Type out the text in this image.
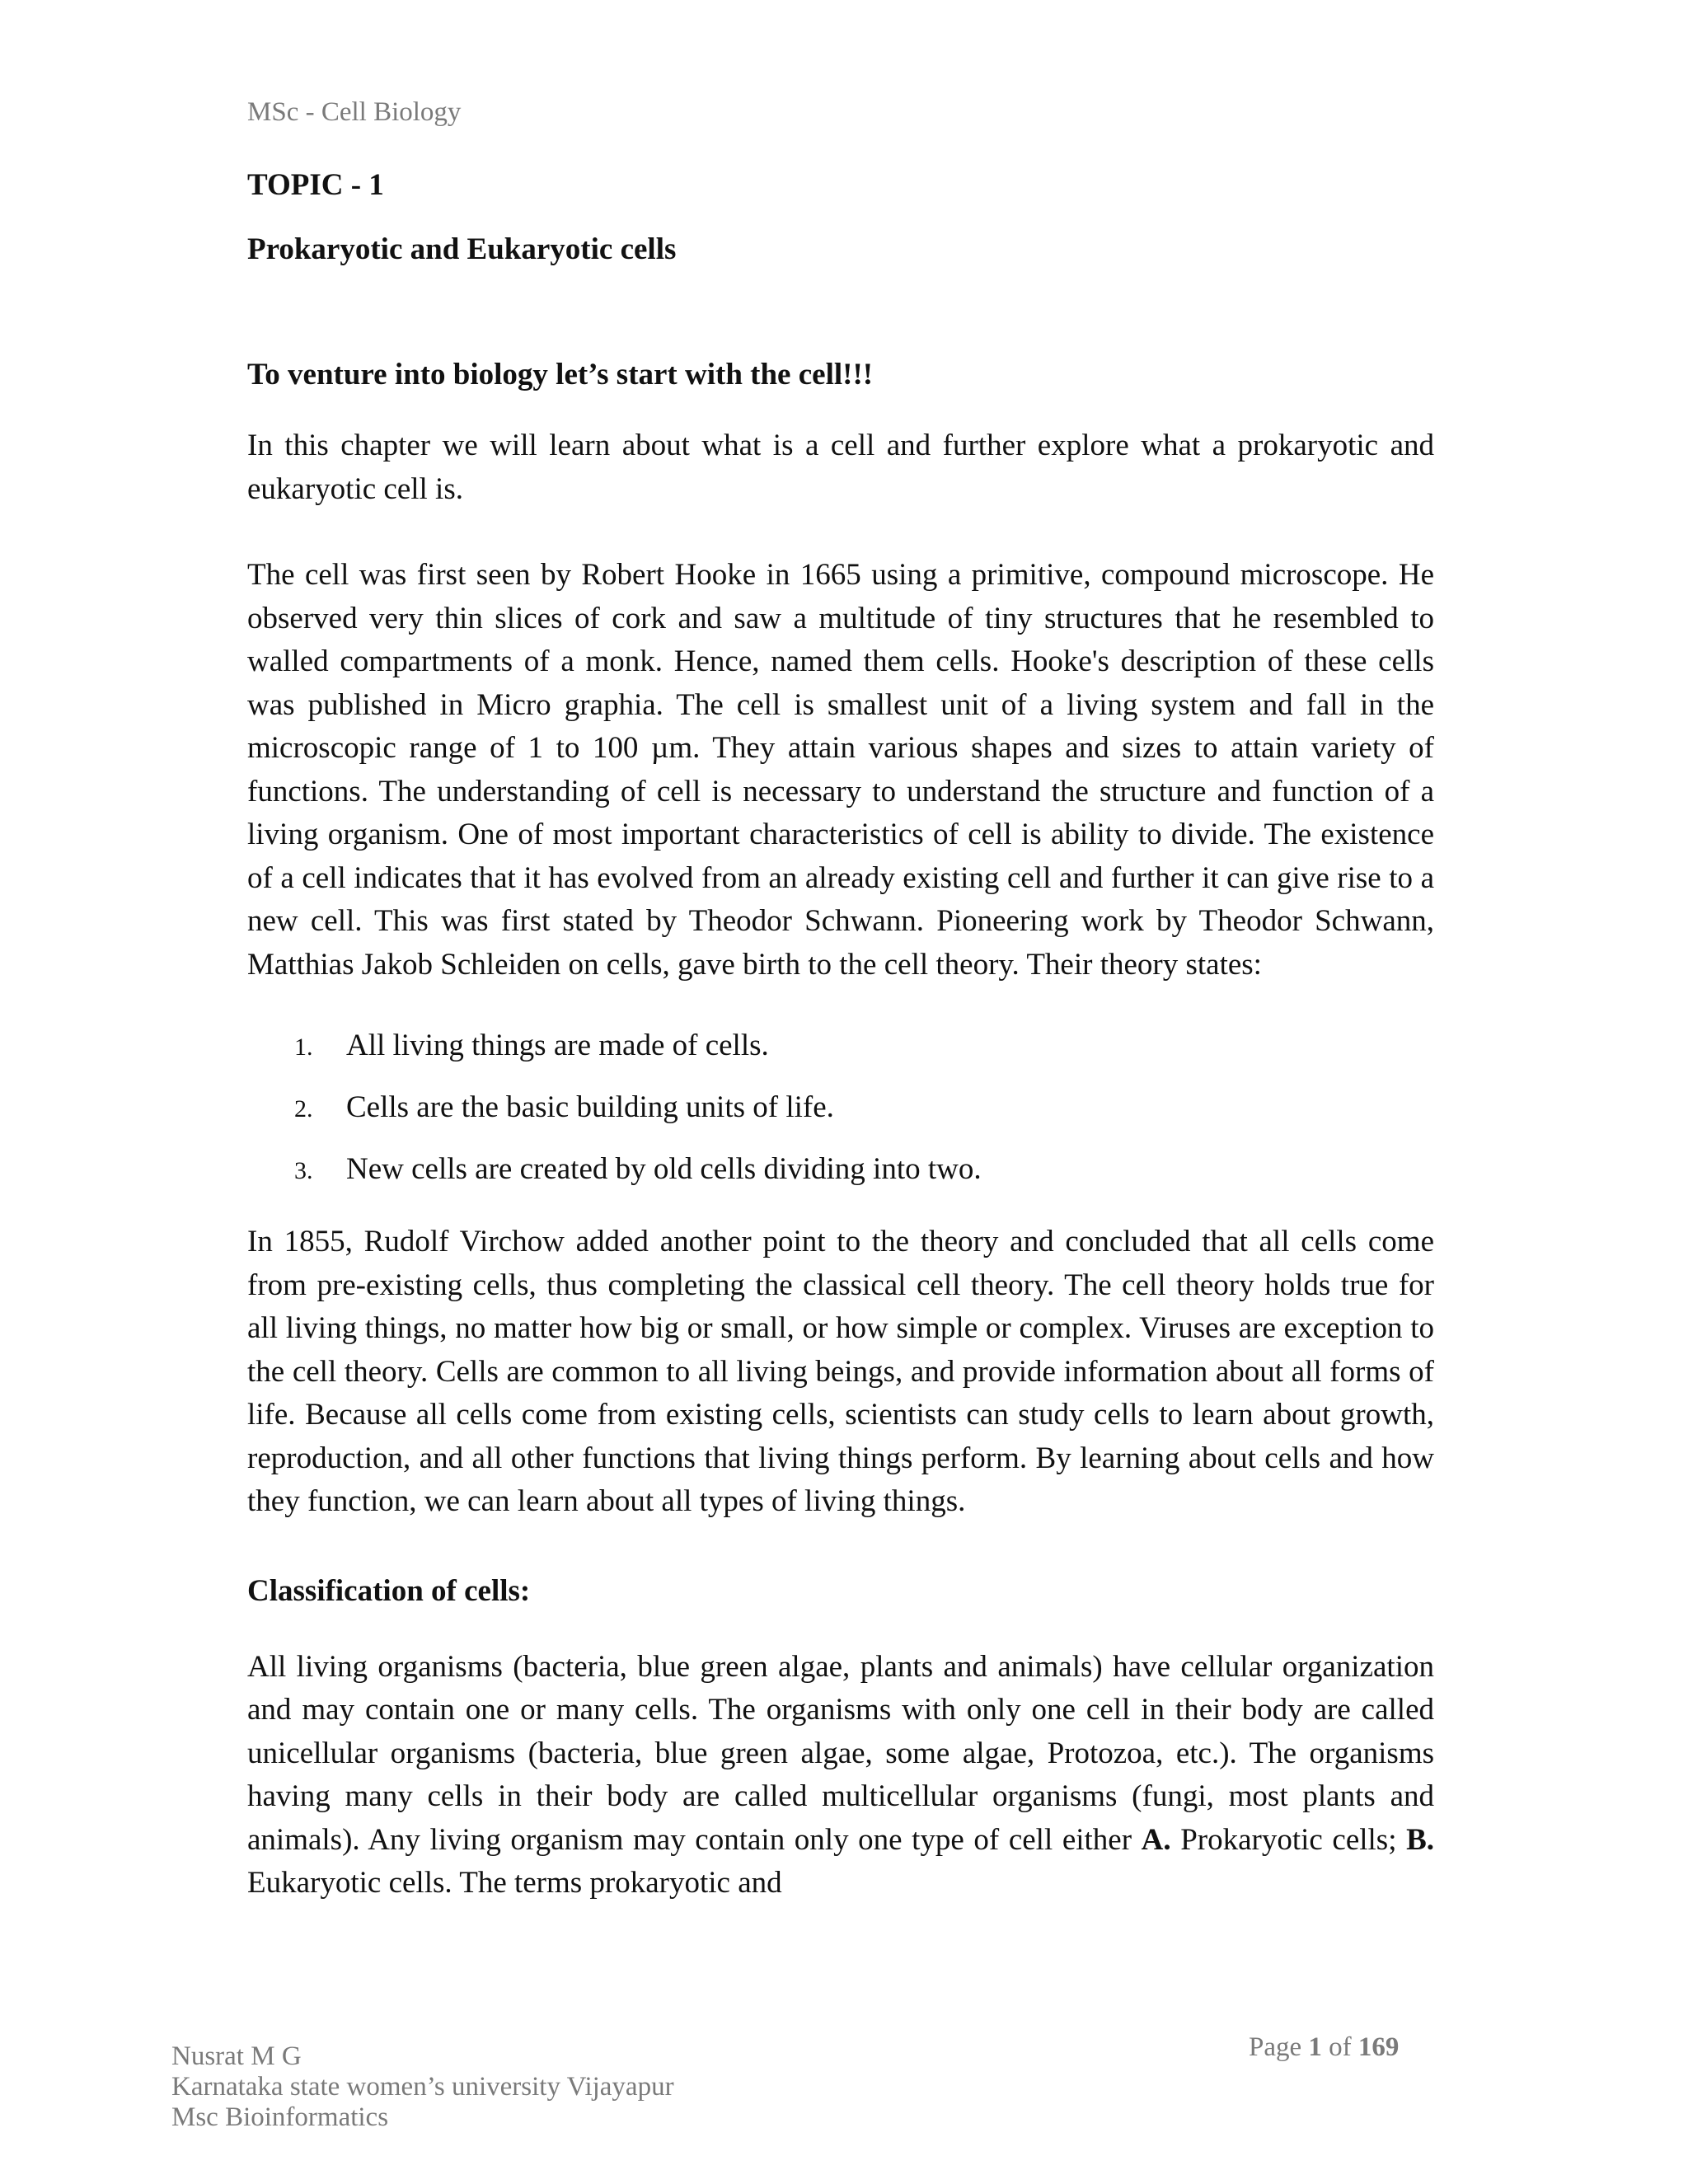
MSc - Cell Biology

TOPIC - 1
Prokaryotic and Eukaryotic cells

To venture into biology let’s start with the cell!!!

In this chapter we will learn about what is a cell and further explore what a prokaryotic and eukaryotic cell is.

The cell was first seen by Robert Hooke in 1665 using a primitive, compound microscope. He observed very thin slices of cork and saw a multitude of tiny structures that he resembled to walled compartments of a monk. Hence, named them cells. Hooke's description of these cells was published in Micro graphia. The cell is smallest unit of a living system and fall in the microscopic range of 1 to 100 µm. They attain various shapes and sizes to attain variety of functions. The understanding of cell is necessary to understand the structure and function of a living organism. One of most important characteristics of cell is ability to divide. The existence of a cell indicates that it has evolved from an already existing cell and further it can give rise to a new cell. This was first stated by Theodor Schwann. Pioneering work by Theodor Schwann, Matthias Jakob Schleiden on cells, gave birth to the cell theory. Their theory states:

1. All living things are made of cells.
2. Cells are the basic building units of life.
3. New cells are created by old cells dividing into two.

In 1855, Rudolf Virchow added another point to the theory and concluded that all cells come from pre-existing cells, thus completing the classical cell theory. The cell theory holds true for all living things, no matter how big or small, or how simple or complex. Viruses are exception to the cell theory. Cells are common to all living beings, and provide information about all forms of life. Because all cells come from existing cells, scientists can study cells to learn about growth, reproduction, and all other functions that living things perform. By learning about cells and how they function, we can learn about all types of living things.

Classification of cells:

All living organisms (bacteria, blue green algae, plants and animals) have cellular organization and may contain one or many cells. The organisms with only one cell in their body are called unicellular organisms (bacteria, blue green algae, some algae, Protozoa, etc.). The organisms having many cells in their body are called multicellular organisms (fungi, most plants and animals). Any living organism may contain only one type of cell either A. Prokaryotic cells; B. Eukaryotic cells. The terms prokaryotic and

Nusrat M G
Karnataka state women’s university Vijayapur
Msc Bioinformatics
Page 1 of 169
